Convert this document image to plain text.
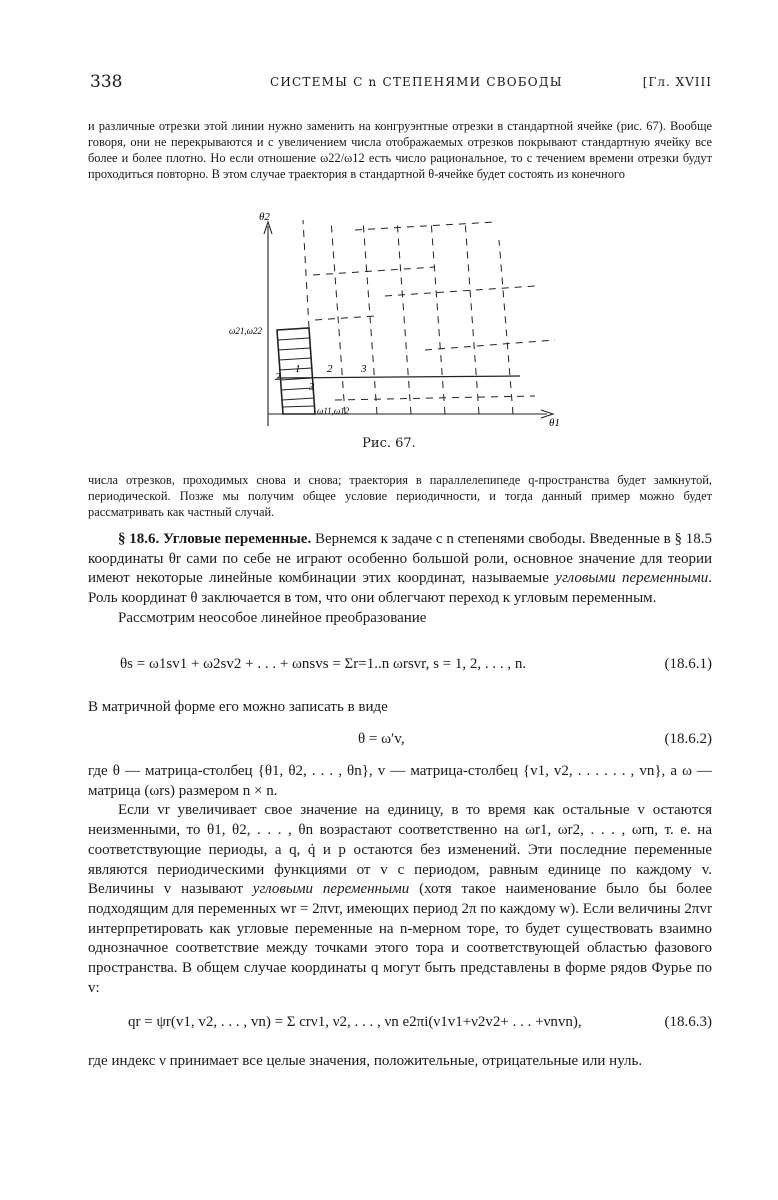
338	СИСТЕМЫ С n СТЕПЕНЯМИ СВОБОДЫ	[Гл. XVIII

и различные отрезки этой линии нужно заменить на конгруэнтные отрезки в стандартной ячейке (рис. 67). Вообще говоря, они не перекрываются и с увеличением числа отображаемых отрезков покрывают стандартную ячейку все более и более плотно. Но если отношение ω22/ω12 есть число рациональное, то с течением времени отрезки будут проходиться повторно. В этом случае траектория в стандартной θ-ячейке будет состоять из конечного

θ2
θ1
ω21,ω22
ω11,ω12
1 2	3
2
3
Рис. 67.

числа отрезков, проходимых снова и снова; траектория в параллелепипеде q-пространства будет замкнутой, периодической. Позже мы получим общее условие периодичности, и тогда данный пример можно будет рассматривать как частный случай.

§ 18.6. Угловые переменные. Вернемся к задаче с n степенями свободы. Введенные в § 18.5 координаты θr сами по себе не играют особенно большой роли, основное значение для теории имеют некоторые линейные комбинации этих координат, называемые угловыми переменными. Роль координат θ заключается в том, что они облегчают переход к угловым переменным.

Рассмотрим неособое линейное преобразование

θs = ω1sv1 + ω2sv2 + . . . + ωnsvs = Σr=1..n ωrsvr, s = 1, 2, . . . , n.	(18.6.1)

В матричной форме его можно записать в виде

θ = ω′v,	(18.6.2)

где θ — матрица-столбец {θ1, θ2, . . . , θn}, v — матрица-столбец {v1, v2, . . . . . . , vn}, а ω — матрица (ωrs) размером n × n.

Если vr увеличивает свое значение на единицу, в то время как остальные v остаются неизменными, то θ1, θ2, . . . , θn возрастают соответственно на ωr1, ωr2, . . . , ωrn, т. е. на соответствующие периоды, а q, q̇ и p остаются без изменений. Эти последние переменные являются периодическими функциями от v с периодом, равным единице по каждому v. Величины v называют угловыми переменными (хотя такое наименование было бы более подходящим для переменных wr = 2πvr, имеющих период 2π по каждому w). Если величины 2πvr интерпретировать как угловые переменные на n-мерном торе, то будет существовать взаимно однозначное соответствие между точками этого тора и соответствующей областью фазового пространства. В общем случае координаты q могут быть представлены в форме рядов Фурье по v:

qr = ψr(v1, v2, . . . , vn) = Σ crν1, ν2, . . . , νn e2πi(ν1v1+ν2v2+ . . . +νnvn),	(18.6.3)

где индекс ν принимает все целые значения, положительные, отрицательные или нуль.
